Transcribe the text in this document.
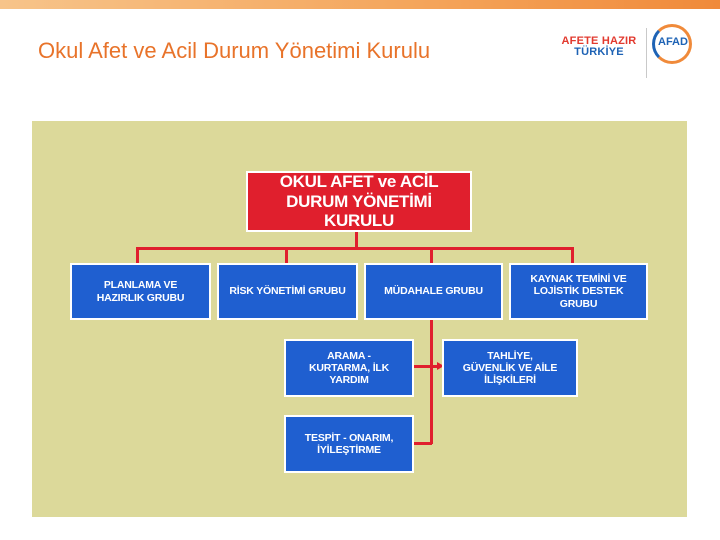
Okul Afet ve Acil Durum Yönetimi Kurulu	AFETE HAZIR
TÜRKİYE
AFAD
OKUL AFET ve ACİL DURUM YÖNETİMİ KURULU
PLANLAMA VE HAZIRLIK GRUBU
RİSK YÖNETİMİ GRUBU	MÜDAHALE GRUBU
KAYNAK TEMİNİ VE LOJİSTİK DESTEK GRUBU
ARAMA - KURTARMA, İLK YARDIM
TAHLİYE, GÜVENLİK VE AİLE İLİŞKİLERİ
TESPİT - ONARIM, İYİLEŞTİRME
